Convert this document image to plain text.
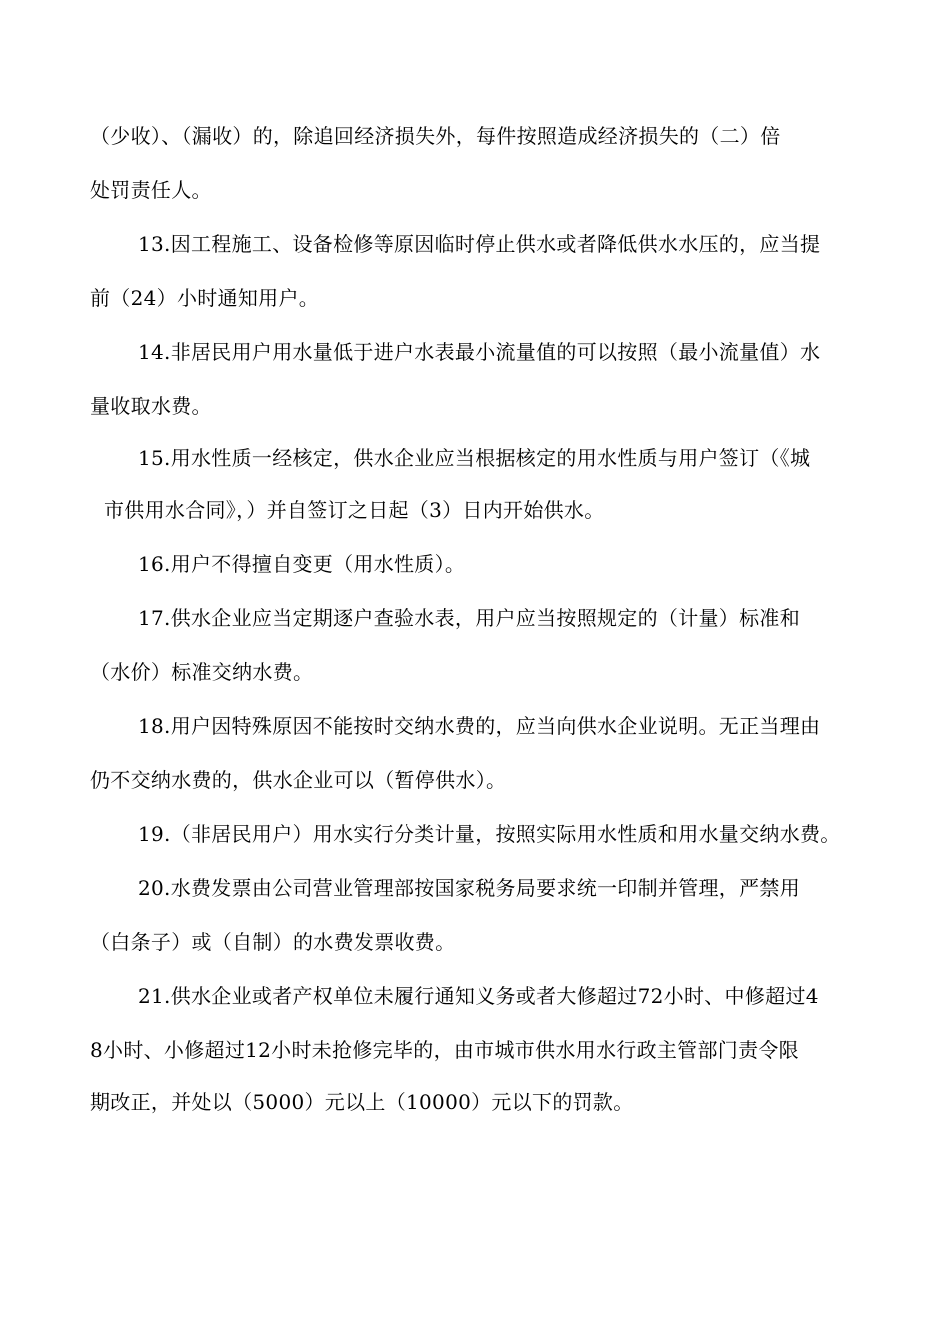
（少收）、（漏收）的，除追回经济损失外，每件按照造成经济损失的（二）倍
处罚责任人。
13.因工程施工、设备检修等原因临时停止供水或者降低供水水压的，应当提
前（24）小时通知用户。
14.非居民用户用水量低于进户水表最小流量值的可以按照（最小流量值）水
量收取水费。
15.用水性质一经核定，供水企业应当根据核定的用水性质与用户签订（《城
市供用水合同》，）并自签订之日起（3）日内开始供水。
16.用户不得擅自变更（用水性质）。
17.供水企业应当定期逐户查验水表，用户应当按照规定的（计量）标准和
（水价）标准交纳水费。
18.用户因特殊原因不能按时交纳水费的，应当向供水企业说明。无正当理由
仍不交纳水费的，供水企业可以（暂停供水）。
19.（非居民用户）用水实行分类计量，按照实际用水性质和用水量交纳水费。
20.水费发票由公司营业管理部按国家税务局要求统一印制并管理，严禁用
（白条子）或（自制）的水费发票收费。
21.供水企业或者产权单位未履行通知义务或者大修超过72小时、中修超过4
8小时、小修超过12小时未抢修完毕的，由市城市供水用水行政主管部门责令限
期改正，并处以（5000）元以上（10000）元以下的罚款。
